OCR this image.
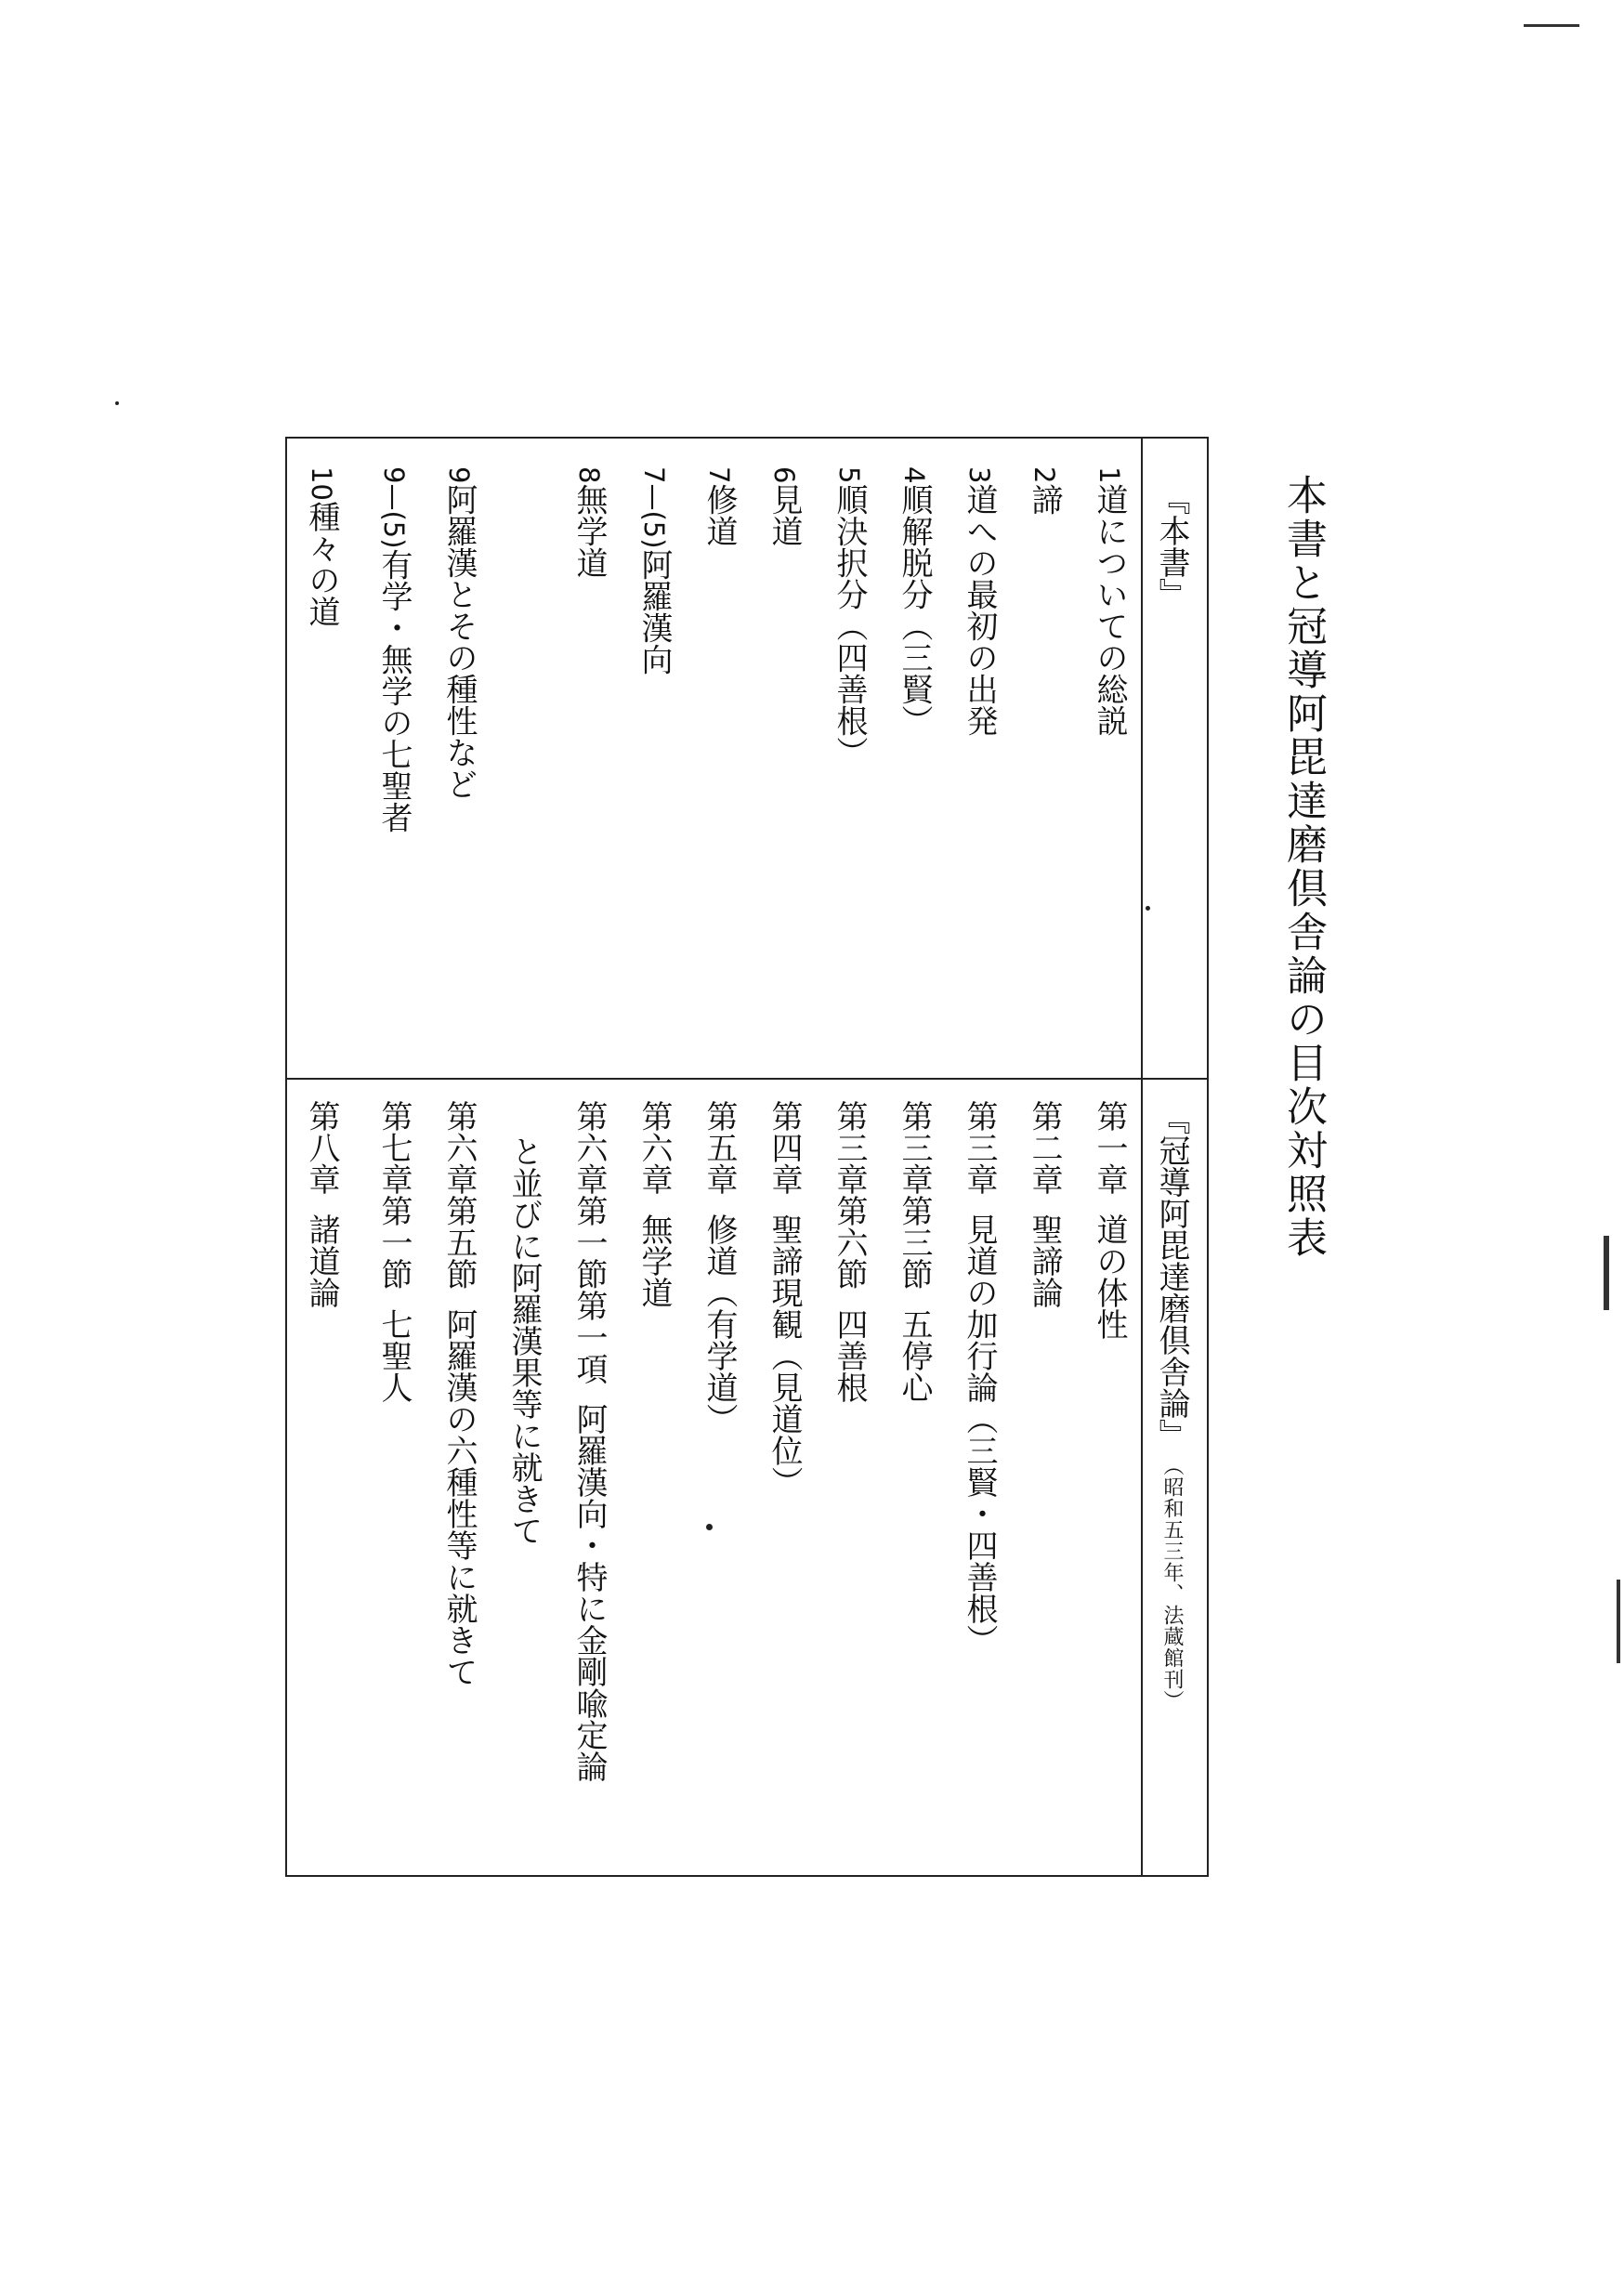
本書と冠導阿毘達磨倶舎論の目次対照表
『本書』
『冠導阿毘達磨倶舎論』（昭和五三年、法蔵館刊）
1道についての総説
2諦
3道への最初の出発
4順解脱分（三賢）
5順決択分（四善根）
6見道
7修道
7—(5)阿羅漢向
8無学道
9阿羅漢とその種性など
9—(5)有学・無学の七聖者
10種々の道
第一章道の体性
第二章聖諦論
第三章見道の加行論（三賢・四善根）
第三章第三節五停心
第三章第六節四善根
第四章聖諦現観（見道位）
第五章修道（有学道）
第六章無学道
第六章第一節第一項阿羅漢向・特に金剛喩定論
と並びに阿羅漢果等に就きて
第六章第五節阿羅漢の六種性等に就きて
第七章第一節七聖人
第八章諸道論
